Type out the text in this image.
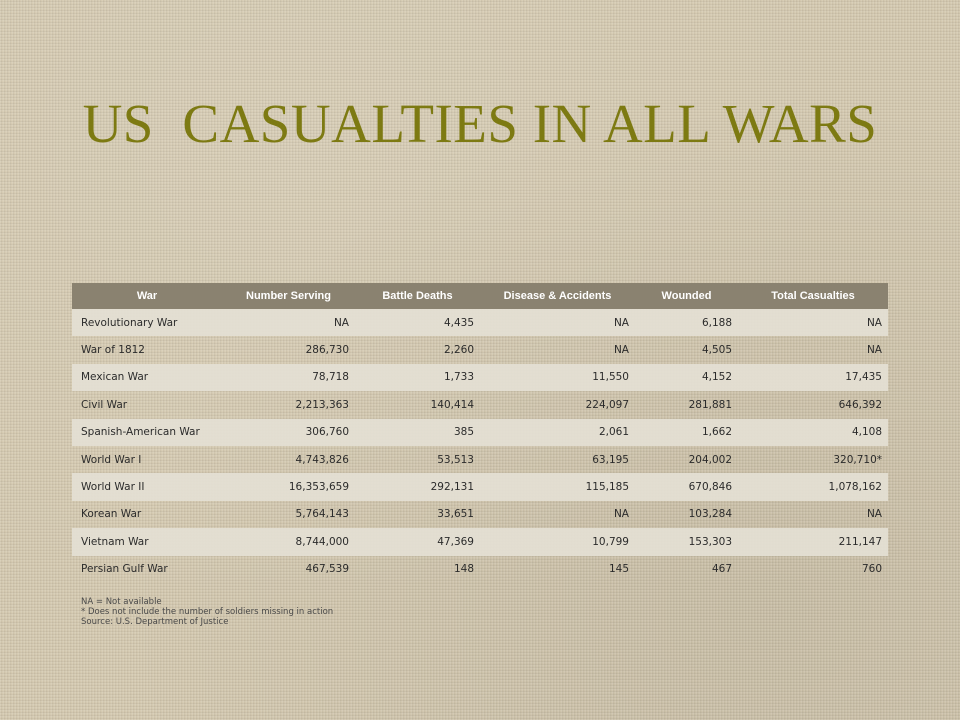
US  CASUALTIES IN ALL WARS
War	Number Serving	Battle Deaths	Disease & Accidents	Wounded	Total Casualties
Revolutionary War	NA	4,435	NA	6,188	NA
War of 1812	286,730	2,260	NA	4,505	NA
Mexican War	78,718	1,733	11,550	4,152	17,435
Civil War	2,213,363	140,414	224,097	281,881	646,392
Spanish-American War	306,760	385	2,061	1,662	4,108
World War I	4,743,826	53,513	63,195	204,002	320,710*
World War II	16,353,659	292,131	115,185	670,846	1,078,162
Korean War	5,764,143	33,651	NA	103,284	NA
Vietnam War	8,744,000	47,369	10,799	153,303	211,147
Persian Gulf War	467,539	148	145	467	760
NA = Not available
* Does not include the number of soldiers missing in action
Source: U.S. Department of Justice
